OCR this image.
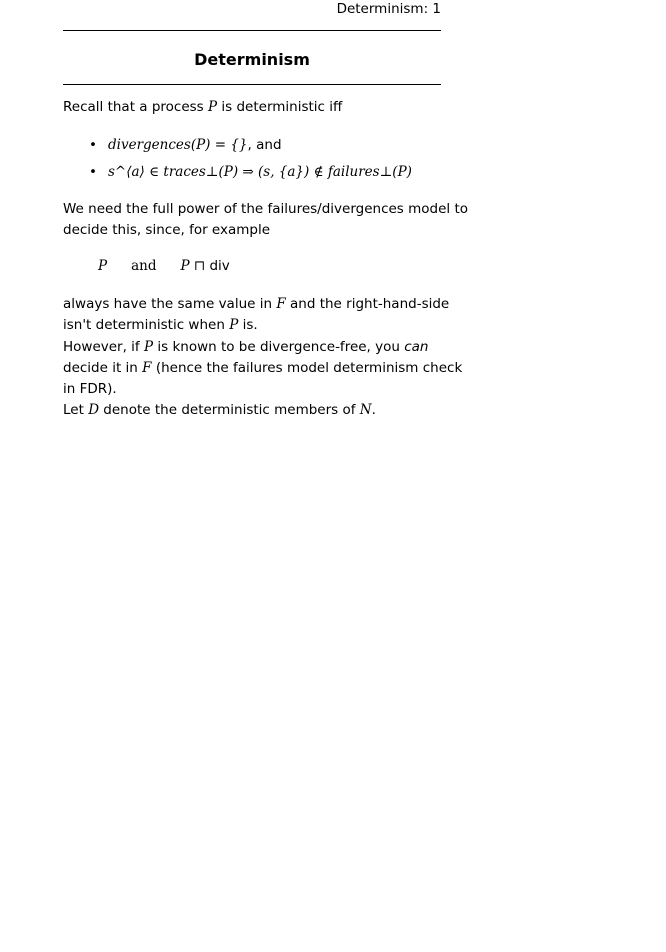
Determinism: 1
Determinism
Recall that a process P is deterministic iff
• divergences(P) = {}, and
• s^⟨a⟩ ∈ traces⊥(P) ⇒ (s, {a}) ∉ failures⊥(P)
We need the full power of the failures/divergences model to
decide this, since, for example
P and P ⊓ div
always have the same value in F and the right-hand-side
isn't deterministic when P is.
However, if P is known to be divergence-free, you can
decide it in F (hence the failures model determinism check
in FDR).
Let D denote the deterministic members of N.
